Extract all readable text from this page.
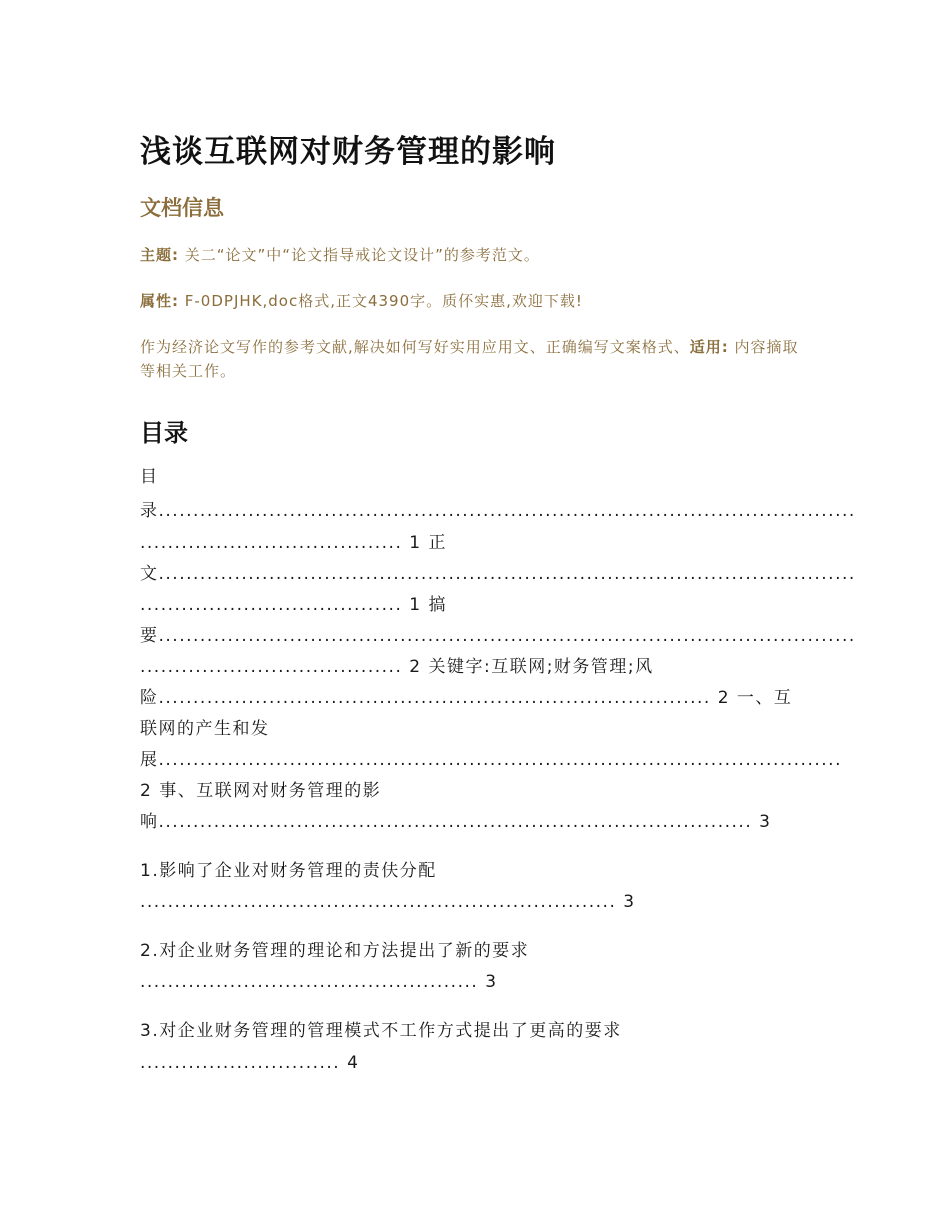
浅谈互联网对财务管理的影响
文档信息

主题: 关二“论文”中“论文指导戒论文设计”的参考范文。

属性: F-0DPJHK,doc格式,正文4390字。质伓实惠,欢迎下载!

作为经济论文写作的参考文献,解决如何写好实用应用文、正确编写文案格式、适用: 内容摘取等相关工作。

目录
目
录.....................................................................................................
...................................... 1 正
文.....................................................................................................
...................................... 1 搞
要.....................................................................................................
...................................... 2 关键字:互联网;财务管理;风
险................................................................................ 2 一、互
联网的产生和发
展...................................................................................................
2 事、互联网对财务管理的影
响...................................................................................... 3
1.影响了企业对财务管理的责伕分配
..................................................................... 3
2.对企业财务管理的理论和方法提出了新的要求
................................................. 3
3.对企业财务管理的管理模式不工作方式提出了更高的要求
............................. 4
